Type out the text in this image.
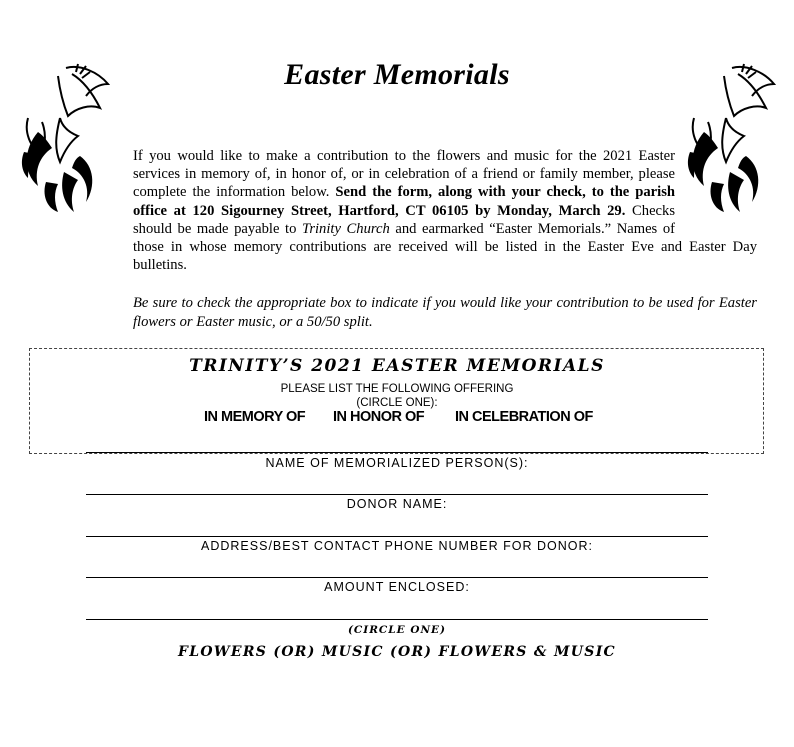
Easter Memorials
If you would like to make a contribution to the flowers and music for the 2021 Easter
services in memory of, in honor of, or in celebration of a friend or family member, please
complete the information below. Send the form, along with your check, to the parish
office at 120 Sigourney Street, Hartford, CT 06105 by Monday, March 29. Checks
should be made payable to Trinity Church and earmarked “Easter Memorials.” Names of
those in whose memory contributions are received will be listed in the Easter Eve and Easter Day
bulletins.
Be sure to check the appropriate box to indicate if you would like your contribution to be used for Easter flowers or Easter music, or a 50/50 split.
TRINITY’S 2021 EASTER MEMORIALS
PLEASE LIST THE FOLLOWING OFFERING
(CIRCLE ONE):
IN MEMORY OF IN HONOR OF IN CELEBRATION OF
NAME OF MEMORIALIZED PERSON(S):
DONOR NAME:
ADDRESS/BEST CONTACT PHONE NUMBER FOR DONOR:
AMOUNT ENCLOSED:
(CIRCLE ONE)
FLOWERS (OR) MUSIC (OR) FLOWERS & MUSIC
